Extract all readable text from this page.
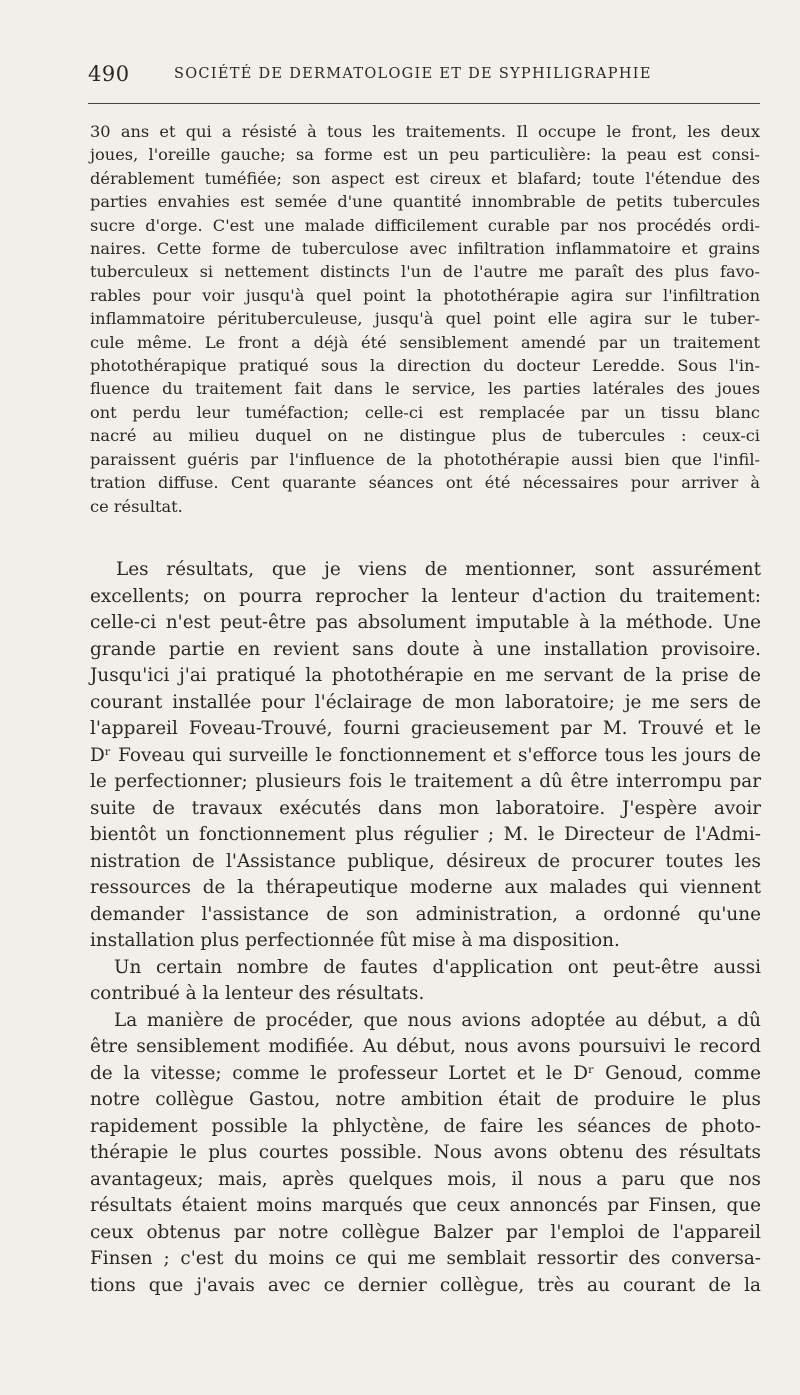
490	SOCIÉTÉ DE DERMATOLOGIE ET DE SYPHILIGRAPHIE
30 ans et qui a résisté à tous les traitements. Il occupe le front, les deux
joues, l'oreille gauche; sa forme est un peu particulière: la peau est consi-
dérablement tuméfiée; son aspect est cireux et blafard; toute l'étendue des
parties envahies est semée d'une quantité innombrable de petits tubercules
sucre d'orge. C'est une malade difficilement curable par nos procédés ordi-
naires. Cette forme de tuberculose avec infiltration inflammatoire et grains
tuberculeux si nettement distincts l'un de l'autre me paraît des plus favo-
rables pour voir jusqu'à quel point la photothérapie agira sur l'infiltration
inflammatoire pérituberculeuse, jusqu'à quel point elle agira sur le tuber-
cule même. Le front a déjà été sensiblement amendé par un traitement
photothérapique pratiqué sous la direction du docteur Leredde. Sous l'in-
fluence du traitement fait dans le service, les parties latérales des joues
ont perdu leur tuméfaction; celle-ci est remplacée par un tissu blanc
nacré au milieu duquel on ne distingue plus de tubercules : ceux-ci
paraissent guéris par l'influence de la photothérapie aussi bien que l'infil-
tration diffuse. Cent quarante séances ont été nécessaires pour arriver à
ce résultat.
Les résultats, que je viens de mentionner, sont assurément
excellents; on pourra reprocher la lenteur d'action du traitement:
celle-ci n'est peut-être pas absolument imputable à la méthode. Une
grande partie en revient sans doute à une installation provisoire.
Jusqu'ici j'ai pratiqué la photothérapie en me servant de la prise de
courant installée pour l'éclairage de mon laboratoire; je me sers de
l'appareil Foveau-Trouvé, fourni gracieusement par M. Trouvé et le
Dʳ Foveau qui surveille le fonctionnement et s'efforce tous les jours de
le perfectionner; plusieurs fois le traitement a dû être interrompu par
suite de travaux exécutés dans mon laboratoire. J'espère avoir
bientôt un fonctionnement plus régulier ; M. le Directeur de l'Admi-
nistration de l'Assistance publique, désireux de procurer toutes les
ressources de la thérapeutique moderne aux malades qui viennent
demander l'assistance de son administration, a ordonné qu'une
installation plus perfectionnée fût mise à ma disposition.
Un certain nombre de fautes d'application ont peut-être aussi
contribué à la lenteur des résultats.
La manière de procéder, que nous avions adoptée au début, a dû
être sensiblement modifiée. Au début, nous avons poursuivi le record
de la vitesse; comme le professeur Lortet et le Dʳ Genoud, comme
notre collègue Gastou, notre ambition était de produire le plus
rapidement possible la phlyctène, de faire les séances de photo-
thérapie le plus courtes possible. Nous avons obtenu des résultats
avantageux; mais, après quelques mois, il nous a paru que nos
résultats étaient moins marqués que ceux annoncés par Finsen, que
ceux obtenus par notre collègue Balzer par l'emploi de l'appareil
Finsen ; c'est du moins ce qui me semblait ressortir des conversa-
tions que j'avais avec ce dernier collègue, très au courant de la
